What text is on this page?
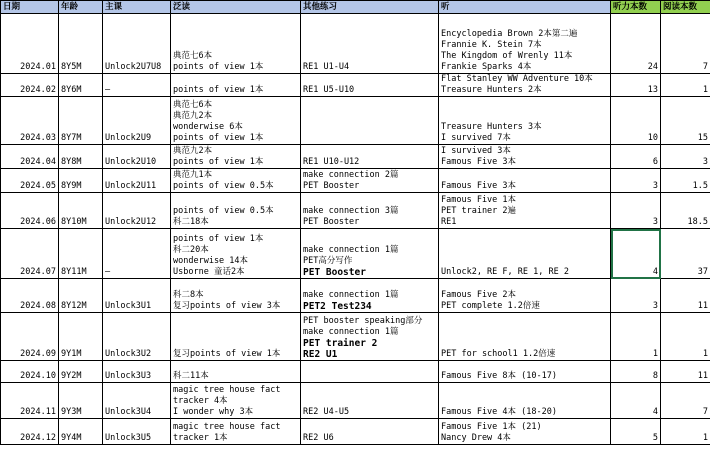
日期	年龄	主课	泛读	其他练习	听	听力本数	阅读本数
2024.01	8Y5M	Unlock2U7U8	典范七6本
points of view 1本	RE1 U1-U4	Encyclopedia Brown 2本第二遍
Frannie K. Stein 7本
The Kingdom of Wrenly 11本
Frankie Sparks 4本	24	7
2024.02	8Y6M	—	points of view 1本	RE1 U5-U10	Flat Stanley WW Adventure 10本
Treasure Hunters 2本	13	1
2024.03	8Y7M	Unlock2U9	典范七6本
典范九2本
wonderwise 6本
points of view 1本		Treasure Hunters 3本
I survived 7本	10	15
2024.04	8Y8M	Unlock2U10	典范九2本
points of view 1本	RE1 U10-U12	I survived 3本
Famous Five 3本	6	3
2024.05	8Y9M	Unlock2U11	典范九1本
points of view 0.5本	make connection 2篇
PET Booster	Famous Five 3本	3	1.5
2024.06	8Y10M	Unlock2U12	points of view 0.5本
科二18本	make connection 3篇
PET Booster	Famous Five 1本
PET trainer 2遍
RE1	3	18.5
2024.07	8Y11M	—	points of view 1本
科二20本
wonderwise 14本
Usborne 童话2本	make connection 1篇
PET高分写作
PET Booster	Unlock2, RE F, RE 1, RE 2	4	37
2024.08	8Y12M	Unlock3U1	科二8本
复习points of view 3本	make connection 1篇
PET2 Test234	Famous Five 2本
PET complete 1.2倍速	3	11
2024.09	9Y1M	Unlock3U2	复习points of view 1本	PET booster speaking部分
make connection 1篇
PET trainer 2
RE2 U1	PET for school1 1.2倍速	1	1
2024.10	9Y2M	Unlock3U3	科二11本		Famous Five 8本 (10-17)	8	11
2024.11	9Y3M	Unlock3U4	magic tree house fact
tracker 4本
I wonder why 3本	RE2 U4-U5	Famous Five 4本 (18-20)	4	7
2024.12	9Y4M	Unlock3U5	magic tree house fact
tracker 1本	RE2 U6	Famous Five 1本 (21)
Nancy Drew 4本	5	1
